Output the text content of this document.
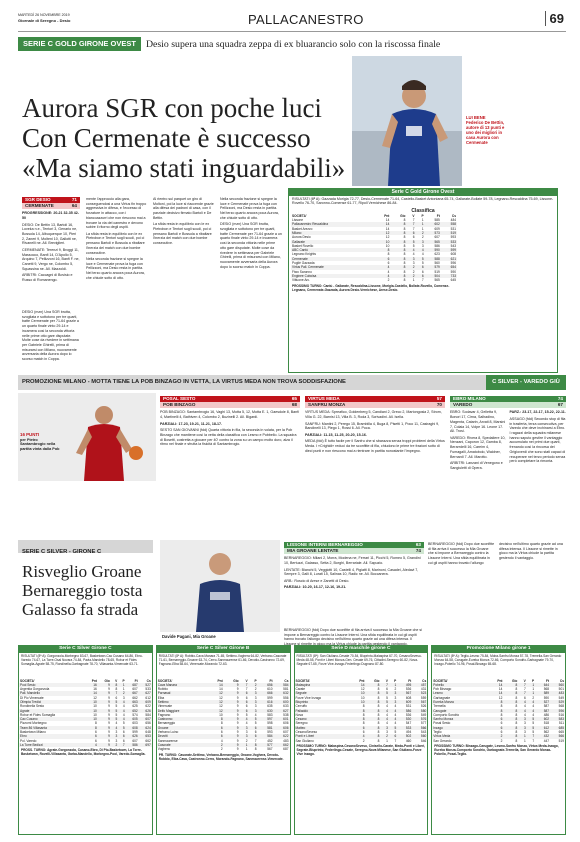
MARTEDÌ 26 NOVEMBRE 2019
Giornale di Seregno - Desio	PALLACANESTRO	69
SERIE C GOLD GIRONE OVEST	Desio supera una squadra zeppa di ex bluarancio solo con la riscossa finale
Aurora SGR con poche luci
Con Cermenate è successo
«Ma siamo stati inguardabili»
LUI BENE
Federico De Bettin, autore di 13 punti e uno dei migliori in casa Aurora con Cermenate
SGR DESIO	71
CERMENATE	64

PROGRESSIONE: 20-21 32-35 42-50

DESIO: De Bettin 13, Bartoli 16, Loveka n.e., Tentori 3, Genario ne, Bossola 14, Albuquerque 10, Pieri 2, Zaneri 9, Molteni 10, Gallotti ne, Rivanelli ne. All. Breviglieri.

CERMENATE: Terenzi 9, Broggi 11, Massocco, Banfi 14, D'Apollo 5, Arquino 7, Pellizzoni 16, Banfi F. ne, Canetti 9, Vergo ne, Colombo 5, Squassina ne. All. Mazzoldi.

ARBITRI: Caccagni di Bovisio e Russo di Romanengo.

DESIO (mzn) Una SGR brutta, svogliata e sottotono per tre quarti, batte Cermenate per 71-64 grazie a un quarto finale vinto 29-14 e incamera così la seconda vittoria nelle prime otto gare disputate. Molte cose da rivedere in settimana per Gabriele Ghirelli, prima di misurarsi con Milano, nuovamente avversaria della Aurora dopo lo scorso match in Coppa.

mente l'approccio alla gara, conseguendosi a una Virtus fin troppo aggressiva in difesa, e l'eccesso di forzature in attacco, con i biancoazzurri che non riescono mai a trovare la via del canestro e devono subire il ritorno degli ospiti.

La sfida resta in equilibrio con le ex Pietrobon e Tentori sugli scudi, poi ci pensano Bartoli e Bossola a ribaltare l'inerzia del match con due bombe consecutive.

Nella seconda frazione si spegne la luce e Cermenate prova la fuga con Pellizzoni, ma Desio resta in partita. Nel terzo quarto ancora poca Aurora, che chiude sotto di otto.

Al rientro sul parquet un giro di Moltoni, poi la luce si riaccende grazie alla difesa dei padroni di casa, con il parziale decisivo firmato Bartoli e De Bettin.

La sfida resta in equilibrio con le ex Pietrobon e Tentori sugli scudi, poi ci pensano Bartoli e Bossola a ribaltare l'inerzia del match con due bombe consecutive.

Nella seconda frazione si spegne la luce e Cermenate prova la fuga con Pellizzoni, ma Desio resta in partita. Nel terzo quarto ancora poca Aurora, che chiude sotto di otto.

DESIO (mzn) Una SGR brutta, svogliata e sottotono per tre quarti, batte Cermenate per 71-64 grazie a un quarto finale vinto 29-14 e incamera così la seconda vittoria nelle prime otto gare disputate. Molte cose da rivedere in settimana per Gabriele Ghirelli, prima di misurarsi con Milano, nuovamente avversaria della Aurora dopo lo scorso match in Coppa.

Serie C Gold Girone Ovest
RISULTATI (8ª A): Gazzada Morigia 72-77, Desio-Cermenate 71-64, Castello-Basket Antoniana 65-74, Gallarate-Bollate 59-78, Legnano-Rescaldina 75-69, Lissone-Rovello 76-70, Saronno-Comense 61-77, Ripoll Vernichese 86-84.
Classifica
SOCIETA'	Pnt	Gio	V	P	Ft	Cs
Lissone	14	8	7	1	585	484
Pallacanestro Rescaldina	14	8	7	1	602	558
Basket Arezzo	14	8	7	1	609	531
Milano	12	8	6	2	573	519
Aurora Desio	12	8	6	2	607	593
Gallarate	10	8	5	3	565	533
Basket Rovello	10	8	5	3	586	543
ABC Cantù	8	8	4	4	590	599
Legnano Knights	8	8	4	4	623	608
Cermenate	6	8	3	5	588	621
Pugliè Gazzada	6	8	3	5	560	596
Virtus Pall. Cermenate	4	8	2	6	579	654
Ftwo Saronno	4	8	2	6	519	590
Enginee Cuboisa	4	8	2	6	504	733
Vittuone Arc.	2	8	1	7	565	645
PROSSIMO TURNO: Cantù - Gallarate, Rescaldina-Lissone, Morigia-Castello, Bollate-Rovello, Comense-Legnano, Cermenate-Gazzada, Aurora Desio-Vernichese, Arese-Desio.
PROMOZIONE MILANO - MOTTA TIENE LA POB BINZAGO IN VETTA, LA VIRTUS MEDA NON TROVA SODDISFAZIONE	C SILVER - VAREDO GIÙ
16 PUNTI
per Pietro Santambrogio nella partita vinta dalla Pob
POSAL SESTO	65
POB BINZAGO	68

POB BINZAGO: Santambrogio 16, Vaghi 13, Motta 5, 12, Motta E. 1, Gaesdole 8, Banfi 4, Martinelli 4, Bathiven 4, Colombo 2, Buzinelli 2. All. Bigardi.

PARZIALI: 17-23, 19-21, 11-21, 18-17.

SESTO SAN GIOVANNI (fdd) Quarta vittoria in fila, la seconda in volata, per la Pob Binzago che mantiene così la vetta della classifica con Lesmo e Pobbello. La squadra di Bosetti, costretta a giocare per 40' contro la zona su un campo molto duro, alza il ritmo nel finale e sfrutta la fisicità di Santambrogio.

VIRTUS MEDA	57
SANFRU MONZA	70

VIRTUS MEDA: Spreafico, Goldenberg 5, Candiani 2, Greco 2, Martongosia 2, Strom, Villa G. 22, Barnisi 13, Villa B. 3, Roda 3, Scrivadini. All. Isella.

SANFRU: Mantini 2, Perego 15, Brambilla 4, Buga 8, Pisetti 1, Poco 11, Casiraghi 9, Bandinelli 13, Piego 1, Rossi 6. All. Poca.

PARZIALI: 11-15, 11-25, 20-20, 15-16.

MEDA (fdd) È tutto facile per il Sanfru che si sbarazza senza troppi problemi della Virtus Meda. I «Crighidi» reduci da tre sconfitte di fila, chiudono le prime tre frazioni sotto di dieci punti e non riescono mai a rientrare in partita nonostante l'impegno.

EBRO MILANO	74
VAREDO	67

EBRO: Sodavar 4, Gelletta 9, Bonori 17, Cirna, Salhadino, Magenta, Catarin, Arvati 8, Marsini 7, Colaia 14, Volpe 16. Leone 17. All. Trosi.

VAREDO: Rivera 8, Spedaliere 10, Nenzani, Caporon 12, Gamba 8, Berarrdelli 16, Careim 4, Fumagalli, Amatobolo, Waldner, Bernardi 7. All. Marotto.

ARBITRI: Lanzani di Venegono e Sangiuletti di Opera.

PARZ.: 23-17, 22-17, 15-22, 22-11.

ASSAGO (fdd) Secondo stop di fila in trasferta, terza consecutiva, per Varedo che deve inchinarsi a Ebro. I ragazzi della squadra milanese hanno saputo gestire il vantaggio accumulato nei primi due quarti, frenando così la rincorsa dei Grigioverdi che sono stati capaci di recuperare nel terzo periodo senza però completare la rimonta.

SERIE C SILVER - GIRONE C
Risveglio Groane
Bernareggio tosta
Galasso fa strada
Davide Pagani, Mia Groane
LISSONE INTERNI BERNAREGGIO	63
MIA GROANE LENTATE	74

BERNAREGGIO: Milani 2, Morra, Modena ne, Ferrari 11, Picchi 5, Romeo 5, Grandini 10, Bertuzzi, Galasso, Setta 2, Borghi, Berrariale. All. Sapuzio.

LENTATE: Bianchi 5, Veggiotti 10, Castelli 4, Pigiatti 8, Marinoni, Casadei, Aledavi 7, Sempre 3, Galli 8, Lurati 15, Salinas 10, Radic ne. All. Boccanera.

ARB.: Roscio di Arese e Zanetti di Desio.

PARZIALI: 10-20, 16-17, 12-16, 19-21.

BERNAREGGIO (fdd) Dopo due sconfitte di fila arriva il successo la Mia Groane che si impone a Bernareggio contro la Lissone Interni. Una sfida equilibrata in cui gli ospiti hanno trovato l'allungo decisivo nell'ultimo quarto grazie ad una difesa intensa. Il Lissone si rimette in gioco ma la Virtus chiude la partita gestendo il vantaggio.

BERNAREGGIO (fdd) Dopo due sconfitte di fila arriva il successo la Mia Groane che si impone a Bernareggio contro la Lissone Interni. Una sfida equilibrata in cui gli ospiti hanno trovato l'allungo decisivo nell'ultimo quarto grazie ad una difesa intensa. Il Lissone si rimette in gioco ma la Virtus chiude la partita gestendo il vantaggio.

Serie C Silver Girone C
RISULTATI (8ª A): Gorgonzola-Morbegno 83-67, Basketown-Cac Cusano 64-86, Ebro-Varedo 74-67, La Torre-Osal Novara 74-84, Pavia-Mandello 78-65, Robur et Fides Somaglia-Agrate 58-75, Rondinella-Garbagnate 78-70, Villasanta-Vimercate 63-71.
SOCIETA'	Pnt	Gio	V	P	Ft	Cs
Pool Sesto	16	9	8	1	687	527
Argentia Gorgonzola	16	9	8	1	607	533
Pall. Mandello	14	9	7	2	667	627
Di Pio Vimercate	12	9	6	3	662	612
Olimpia Tredici	10	9	5	4	663	609
Rondinella Sesto	10	9	5	4	625	622
Agrate	10	9	5	4	652	626
Robur et Fides Somaglia	10	9	5	4	574	584
Cac Cusano	10	9	5	4	605	607
Pizzorni Morbegno	8	9	4	5	603	656
Team 86 Villasanta	8	9	4	5	608	624
Basketown Milano	6	9	3	6	599	648
Ebro	6	9	3	6	626	653
Pol. Varedo	6	9	3	6	607	662
La Torre Bedizzi	4	9	2	7	586	697
PROSS. TURNO: Agrate-Gorgonzola, Cusano-Ebro, Di Pio-Basketown, La Torre-Basketown, Rovelli-Villasanta, Garba-Mandello, Morbegno-Pool, Varedo-Somaglia.
Serie C Silver Girone B
RISULTATI (8ª A): Robbio-Cava Manara 71-65, Settimo-Voghera 64-82, Verbano-Casorate 71-61, Bernareggio-Groane 63-74, Cerro-Sanmaurense 61-66, Devotio-Castronno 72-69, Fagnano-Elba 58-64, Vimercate-Morando 72-63.
SOCIETA'	Pnt	Gio	V	P	Ft	Cs
Cava Manara	14	9	7	2	656	584
Robbio	14	9	7	2	610	581
Parnasal	12	9	6	3	666	632
Elba	12	9	6	3	599	556
Settimo	12	9	6	3	616	600
Vimercate	12	9	6	3	635	633
Delfo Maggiore	12	9	6	3	630	627
Fagnano	10	9	5	4	583	538
Castronno	8	9	4	5	597	601
Bernareggio	8	9	4	5	598	606
Groane	6	9	3	6	581	606
Verbano Luino	6	9	3	6	593	607
Devotti	6	9	3	6	584	622
Sanmaurense	4	9	2	7	452	483
Casorate	2	9	1	8	577	662
Voghera	2	9	1	8	567	687
PR. TURNO: Casorate-Settimo, Verbano-Bernareggio, Groane-Voghera, Devoto-Robbio, Elba-Cava, Castronno-Cerro, Morando-Fagnano, Sanmaurense-Vimercate.
Serie D maschile girone C
RISULTATI (8ª): San Giuliano-Cesate 70-54, Bluprinto-Malaspina 67-70, CesanoSeveso-Meda 48-55, Ponti e Liberi Monza-Gen. Cesate 69-76, Cittadini-Seregno 60-82, Nova-Segrate 67-65, Forze Vive-Inzago-Federlingo Dugnano 87-80.
SOCIETA'	Pnt	Gio	V	P	Ft	Cs
Malaspina	14	8	7	1	495	457
Carate	12	8	6	2	536	431
Segrate	10	8	5	3	567	523
Forze Vive Inzago	10	8	5	3	608	559
Bluprinto	10	8	5	3	609	567
Cerruffo	8	8	4	4	531	526
Palladdò	8	8	4	4	586	580
Nova	8	8	4	4	536	549
Cesano	8	8	4	4	530	576
Seregno	8	8	4	4	547	577
Matteo	6	8	3	5	533	566
CesanoSeveso	6	8	3	5	494	543
Ponti e Liberi	4	8	2	6	502	560
San Giuliano	2	8	1	7	460	546
PROSSIMO TURNO: Malaspina-CesanoSeveso, Cinisello-Carate, Meda-Ponti e Liberi, Segrate-Bluprinto, Federlingo-Cesate, Seregno-Nova Milanese, San Giuliano-Forze Vive Inzago.
Promozione Milano girone 1
RISULTATI (8ª A): Teglio-Lesmo 75-84, Moba-Sanfru Monza 57-78, Tremella-San Gerardo Monza 64-58, Carugate-Eureka Monza 72-66, Comporto Sondrio-Garbagnate 79-70, Inzago-Pobello 74-96, Posal-Binzago 65-68.
SOCIETA'	Pnt	Gio	V	P	Ft	Cs
Pobello	14	8	7	1	644	560
Pob Binzago	14	8	7	1	568	501
Lesmo	14	8	7	1	589	483
Garbagnate	12	8	6	2	590	549
Eureka Monza	8	8	4	4	527	529
Tremella	8	8	4	4	587	568
Carugate	8	8	4	4	587	596
Comporto Sondrio	8	8	4	4	486	516
Sanfru Monza	6	8	3	5	602	583
Posal Sesto	6	8	3	5	518	511
Inzago	6	8	3	5	612	685
Teglio	6	8	3	5	562	665
Virtus Meda	2	8	1	7	432	566
San Gerardo	2	8	1	7	447	519
PROSSIMO TURNO: Binzago-Carugate, Lesmo-Sanfru Monza, Virtus Meda-Inzago, Eureka Monza-Comporto Sondrio, Garbagnate-Tremella, San Gerardo Monza-Pobello, Posal-Teglio.
